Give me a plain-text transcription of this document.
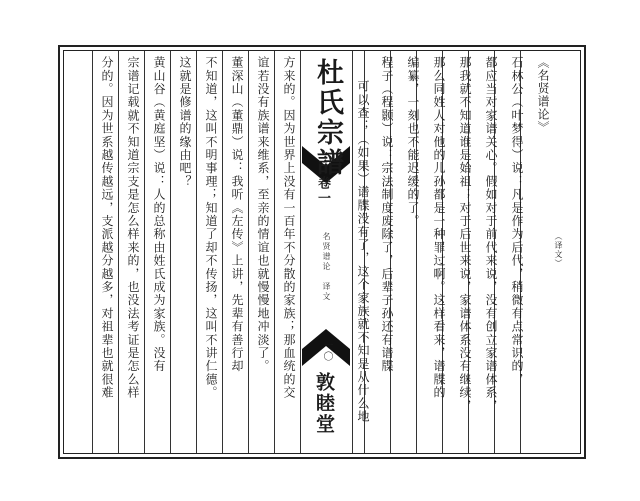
《名贤谱论》
（译文）
石林公（叶梦得）说：凡是作为后代，稍微有点常识的，
都应当对家谱关心。假如对于前代来说，没有创立家谱体系，
那我就不知道谁是始祖；对于后世来说，家谱体系没有继续，
那么同姓人对他的儿孙都是一种罪过啊。这样看来，谱牒的
编纂，一刻也不能迟缓的了。
程子（程颢）说：宗法制度废除了，后辈子孙还有谱牒
可以查；（如果）谱牒没有了，这个家族就不知是从什么地
方来的。因为世界上没有一百年不分散的家族；那血统的交 杜氏宗譜
卷一
名贤谱论　译文
一〇
敦睦堂
谊若没有族谱来维系，至亲的情谊也就慢慢地冲淡了。
董深山（董鼎）说：我听《左传》上讲，先辈有善行却
不知道，这叫不明事理；知道了却不传扬，这叫不讲仁德。
这就是修谱的缘由吧？
黄山谷（黄庭坚）说：人的总称由姓氏成为家族。没有
宗谱记载就不知道宗支是怎么样来的，也没法考证是怎么样
分的。因为世系越传越远，支派越分越多，对祖辈也就很难
